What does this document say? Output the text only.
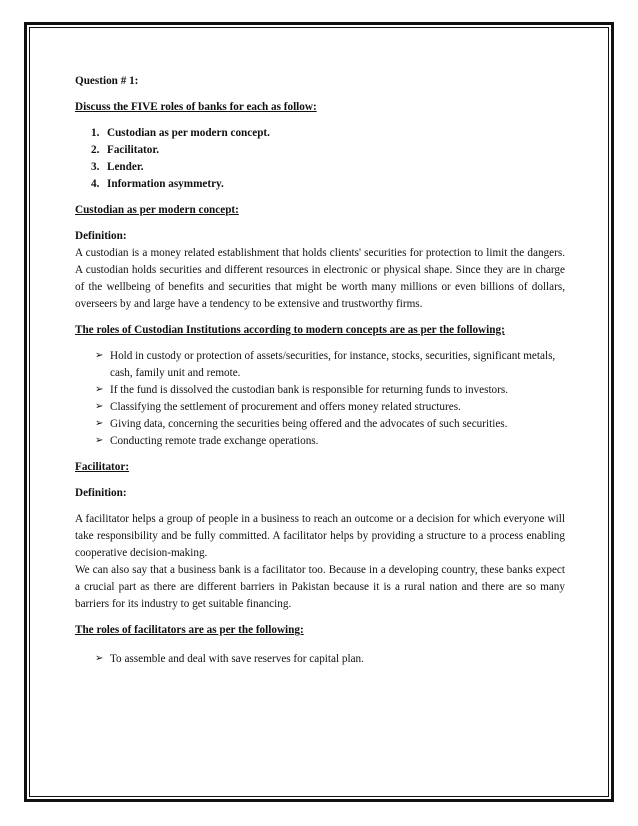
Question # 1:

Discuss the FIVE roles of banks for each as follow:

1. Custodian as per modern concept.
2. Facilitator.
3. Lender.
4. Information asymmetry.

Custodian as per modern concept:

Definition:

A custodian is a money related establishment that holds clients' securities for protection to limit the dangers. A custodian holds securities and different resources in electronic or physical shape. Since they are in charge of the wellbeing of benefits and securities that might be worth many millions or even billions of dollars, overseers by and large have a tendency to be extensive and trustworthy firms.

The roles of Custodian Institutions according to modern concepts are as per the following;

➢ Hold in custody or protection of assets/securities, for instance, stocks, securities, significant metals, cash, family unit and remote.
➢ If the fund is dissolved the custodian bank is responsible for returning funds to investors.
➢ Classifying the settlement of procurement and offers money related structures.
➢ Giving data, concerning the securities being offered and the advocates of such securities.
➢ Conducting remote trade exchange operations.

Facilitator:

Definition:

A facilitator helps a group of people in a business to reach an outcome or a decision for which everyone will take responsibility and be fully committed. A facilitator helps by providing a structure to a process enabling cooperative decision-making.

We can also say that a business bank is a facilitator too. Because in a developing country, these banks expect a crucial part as there are different barriers in Pakistan because it is a rural nation and there are so many barriers for its industry to get suitable financing.

The roles of facilitators are as per the following:

➢ To assemble and deal with save reserves for capital plan.
